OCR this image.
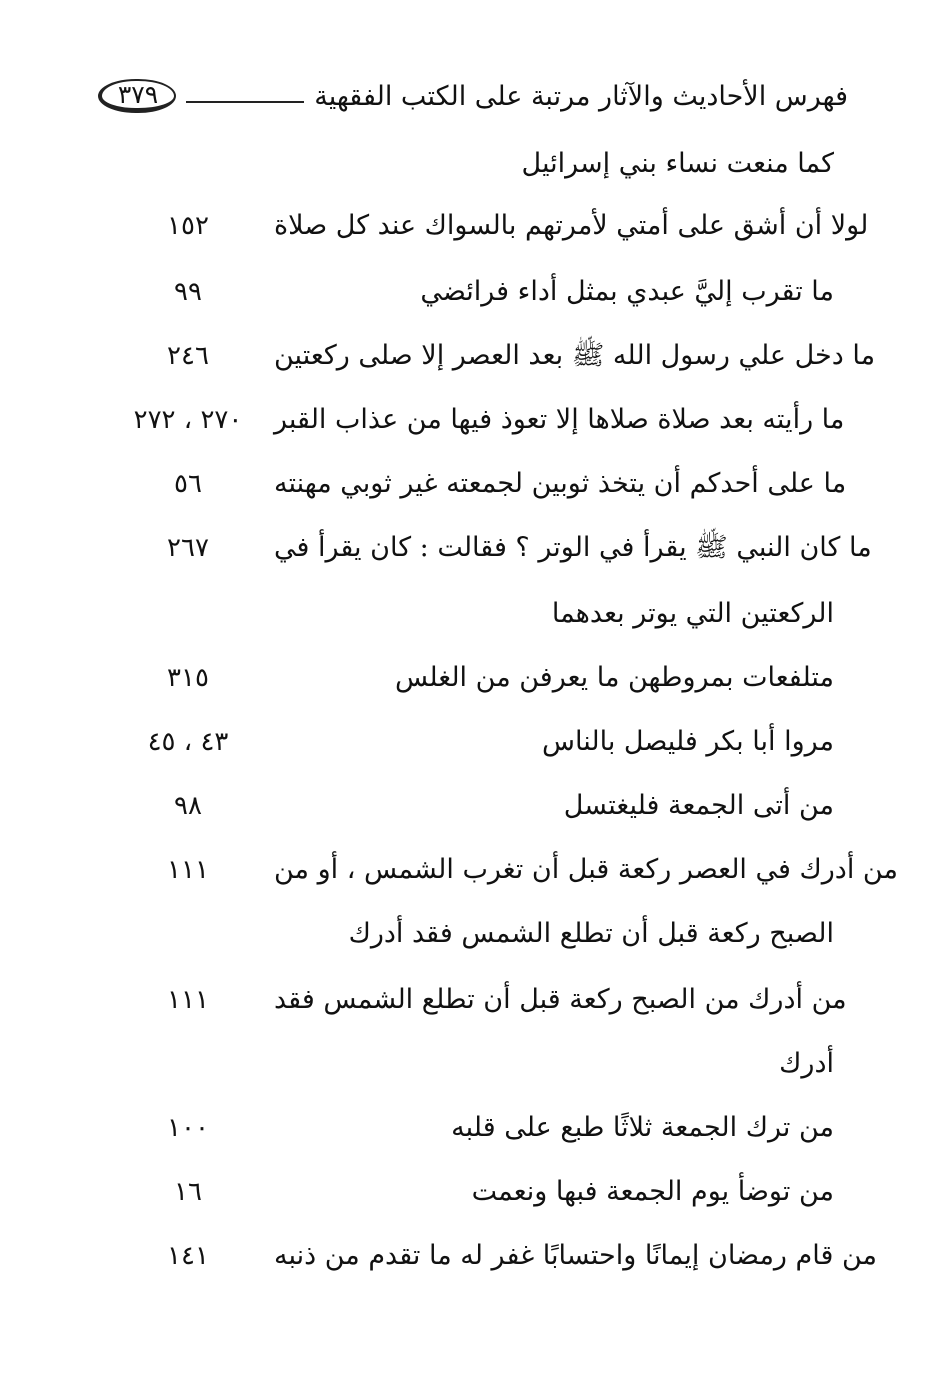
فهرس الأحاديث والآثار مرتبة على الكتب الفقهية
٣٧٩
كما منعت نساء بني إسرائيل
لولا أن أشق على أمتي لأمرتهم بالسواك عند كل صلاة
١٥٢
ما تقرب إليَّ عبدي بمثل أداء فرائضي
٩٩
ما دخل علي رسول الله ﷺ بعد العصر إلا صلى ركعتين
٢٤٦
ما رأيته بعد صلاة صلاها إلا تعوذ فيها من عذاب القبر
٢٧٠ ، ٢٧٢
ما على أحدكم أن يتخذ ثوبين لجمعته غير ثوبي مهنته
٥٦
ما كان النبي ﷺ يقرأ في الوتر ؟ فقالت : كان يقرأ في
٢٦٧
الركعتين التي يوتر بعدهما
متلفعات بمروطهن ما يعرفن من الغلس
٣١٥
مروا أبا بكر فليصل بالناس
٤٣ ، ٤٥
من أتى الجمعة فليغتسل
٩٨
من أدرك في العصر ركعة قبل أن تغرب الشمس ، أو من
١١١
الصبح ركعة قبل أن تطلع الشمس فقد أدرك
من أدرك من الصبح ركعة قبل أن تطلع الشمس فقد
١١١
أدرك
من ترك الجمعة ثلاثًا طبع على قلبه
١٠٠
من توضأ يوم الجمعة فبها ونعمت
١٦
من قام رمضان إيمانًا واحتسابًا غفر له ما تقدم من ذنبه
١٤١
